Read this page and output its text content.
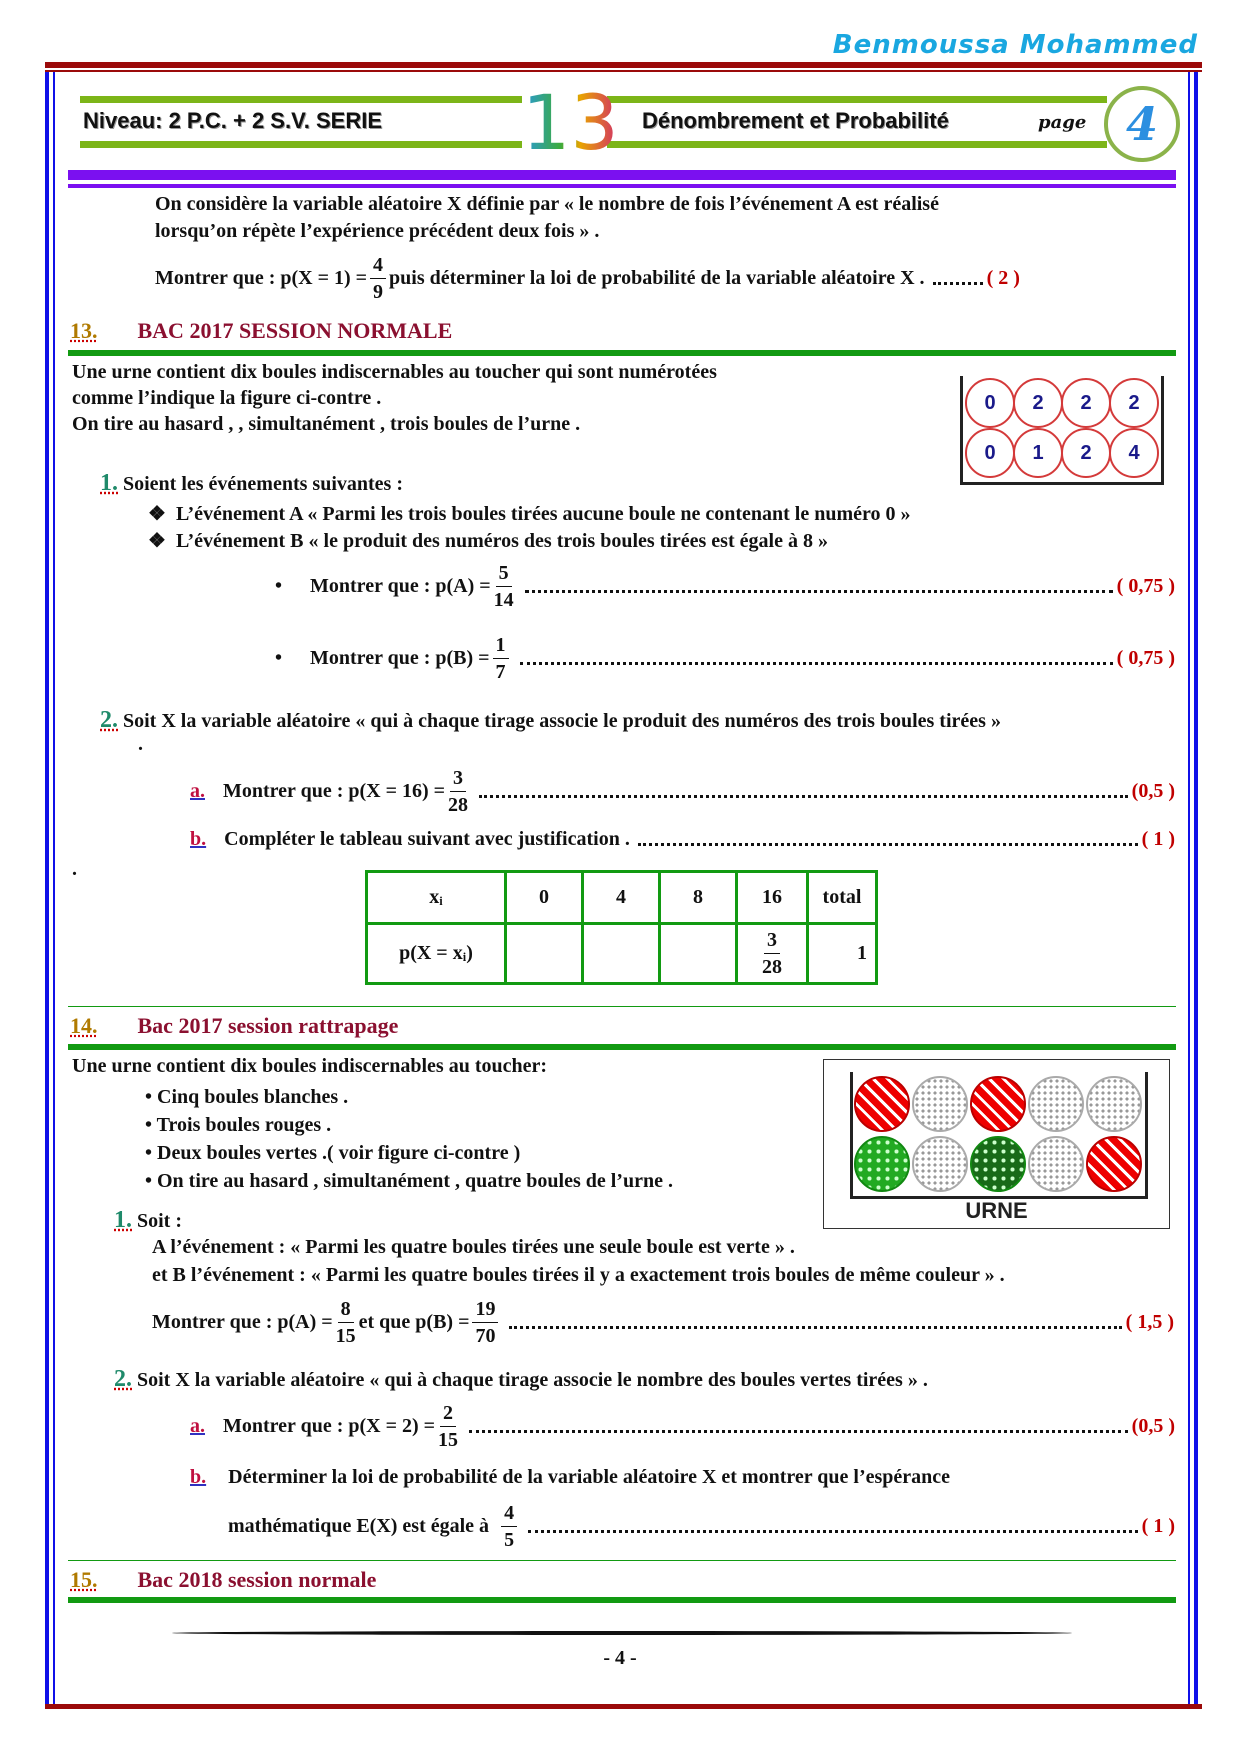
Benmoussa Mohammed
Niveau: 2 P.C. + 2 S.V. SERIE 13 Dénombrement et Probabilité	page 4
On considère la variable aléatoire X définie par « le nombre de fois l’événement A est réalisé
lorsqu’on répète l’expérience précédent deux fois » .
Montrer que : $p(X = 1) = \frac{4}{9}$ puis déterminer la loi de probabilité de la variable aléatoire X .	( 2 )
13. BAC 2017 SESSION NORMALE
Une urne contient dix boules indiscernables au toucher qui sont numérotées
comme l’indique la figure ci-contre .
On tire au hasard , , simultanément , trois boules de l’urne .
0	2	2	2
0	1	2	4
1. Soient les événements suivantes :
❖ L’événement A « Parmi les trois boules tirées aucune boule ne contenant le numéro 0 »
❖ L’événement B « le produit des numéros des trois boules tirées est égale à 8 »
• Montrer que : $p(A) = \frac{5}{14}$	( 0,75 )
• Montrer que : $p(B) = \frac{1}{7}$	( 0,75 )
2. Soit X la variable aléatoire « qui à chaque tirage associe le produit des numéros des trois boules tirées »
.
a. Montrer que : $p(X = 16) = \frac{3}{28}$	(0,5 )
b. Compléter le tableau suivant avec justification .	( 1 )
.
xᵢ	0	4	8	16	total
p(X = xᵢ)				$\frac{3}{28}$	1
14. Bac 2017 session rattrapage
Une urne contient dix boules indiscernables au toucher:
• Cinq boules blanches .
• Trois boules rouges .
• Deux boules vertes .( voir figure ci-contre )
• On tire au hasard , simultanément , quatre boules de l’urne .
URNE
1. Soit :
A l’événement : « Parmi les quatre boules tirées une seule boule est verte » .
et B l’événement : « Parmi les quatre boules tirées il y a exactement trois boules de même couleur » .
Montrer que : $p(A) = \frac{8}{15}$ et que $p(B) = \frac{19}{70}$	( 1,5 )
2. Soit X la variable aléatoire « qui à chaque tirage associe le nombre des boules vertes tirées » .
a. Montrer que : $p(X = 2) = \frac{2}{15}$	(0,5 )
b. Déterminer la loi de probabilité de la variable aléatoire X et montrer que l’espérance
mathématique E(X) est égale à $\frac{4}{5}$	( 1 )
15. Bac 2018 session normale
- 4 -
